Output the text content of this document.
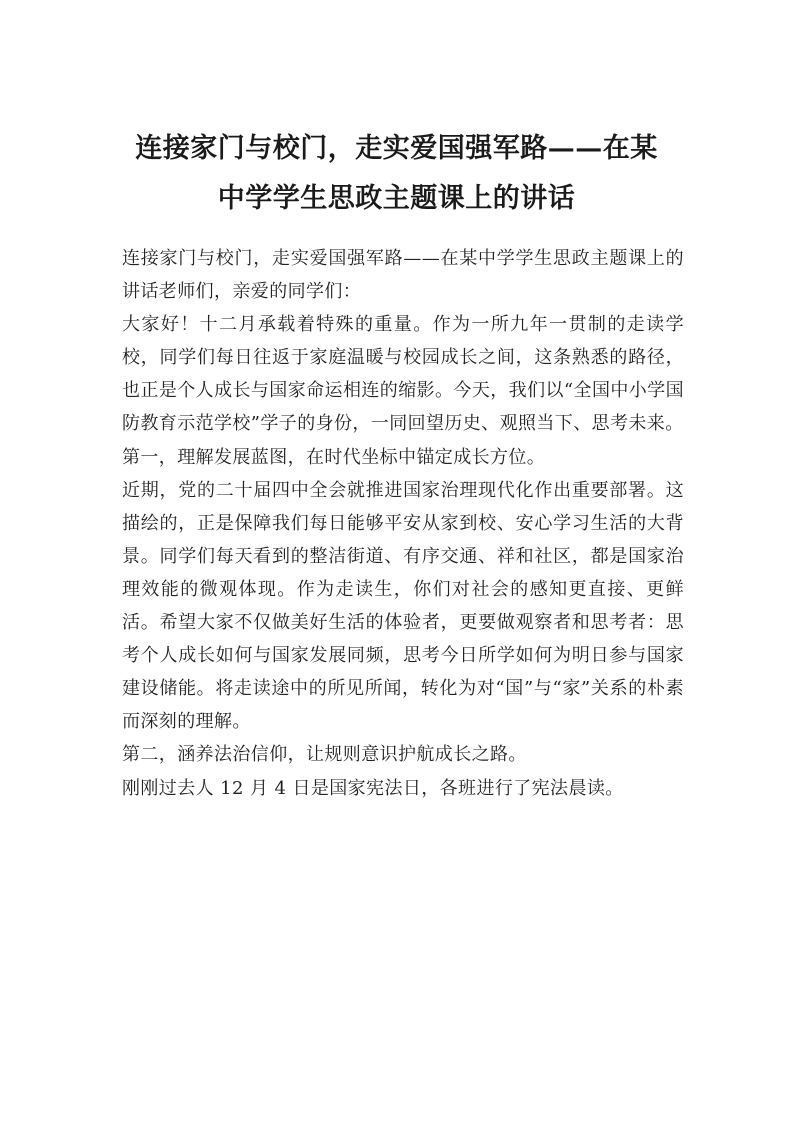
连接家门与校门，走实爱国强军路——在某
中学学生思政主题课上的讲话

连接家门与校门，走实爱国强军路——在某中学学生思政主题课上的讲话老师们，亲爱的同学们：

大家好！十二月承载着特殊的重量。作为一所九年一贯制的走读学校，同学们每日往返于家庭温暖与校园成长之间，这条熟悉的路径，也正是个人成长与国家命运相连的缩影。今天，我们以“全国中小学国防教育示范学校”学子的身份，一同回望历史、观照当下、思考未来。

第一，理解发展蓝图，在时代坐标中锚定成长方位。

近期，党的二十届四中全会就推进国家治理现代化作出重要部署。这描绘的，正是保障我们每日能够平安从家到校、安心学习生活的大背景。同学们每天看到的整洁街道、有序交通、祥和社区，都是国家治理效能的微观体现。作为走读生，你们对社会的感知更直接、更鲜活。希望大家不仅做美好生活的体验者，更要做观察者和思考者：思考个人成长如何与国家发展同频，思考今日所学如何为明日参与国家建设储能。将走读途中的所见所闻，转化为对“国”与“家”关系的朴素而深刻的理解。

第二，涵养法治信仰，让规则意识护航成长之路。

刚刚过去人 12 月 4 日是国家宪法日，各班进行了宪法晨读。
